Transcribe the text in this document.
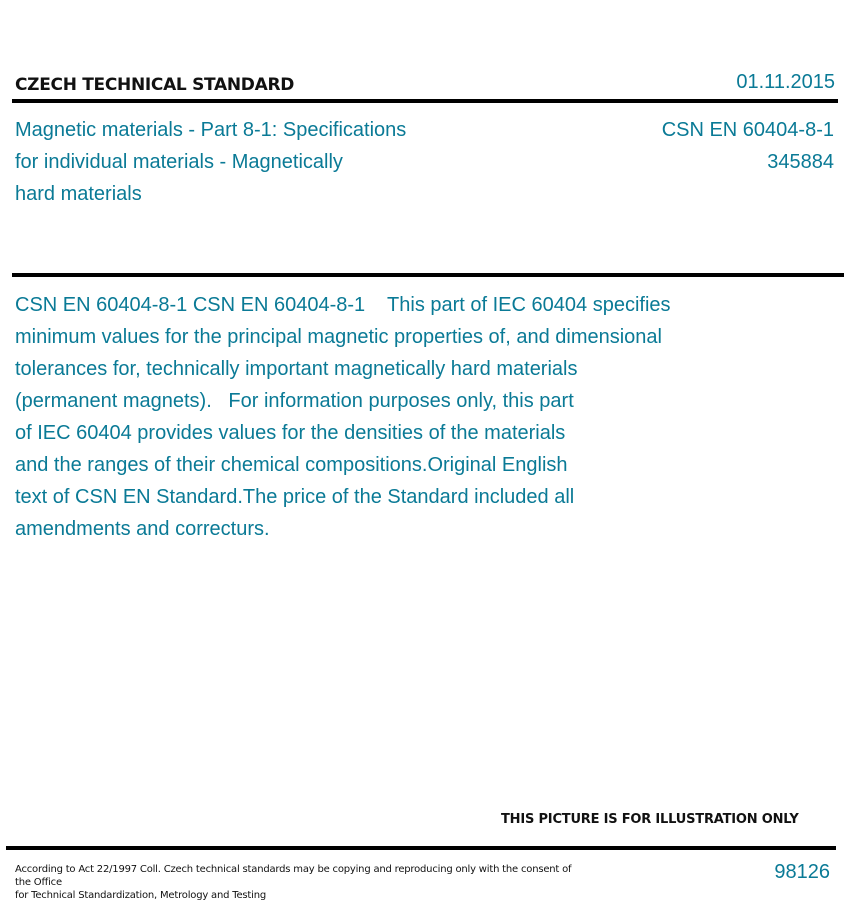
CZECH TECHNICAL STANDARD	01.11.2015
Magnetic materials - Part 8-1: Specifications
for individual materials - Magnetically
hard materials
CSN EN 60404-8-1
345884
CSN EN 60404-8-1 CSN EN 60404-8-1    This part of IEC 60404 specifies
minimum values for the principal magnetic properties of, and dimensional
tolerances for, technically important magnetically hard materials
(permanent magnets).   For information purposes only, this part
of IEC 60404 provides values for the densities of the materials
and the ranges of their chemical compositions.Original English
text of CSN EN Standard.The price of the Standard included all
amendments and correcturs.
THIS PICTURE IS FOR ILLUSTRATION ONLY
According to Act 22/1997 Coll. Czech technical standards may be copying and reproducing only with the consent of the Office
for Technical Standardization, Metrology and Testing
98126
